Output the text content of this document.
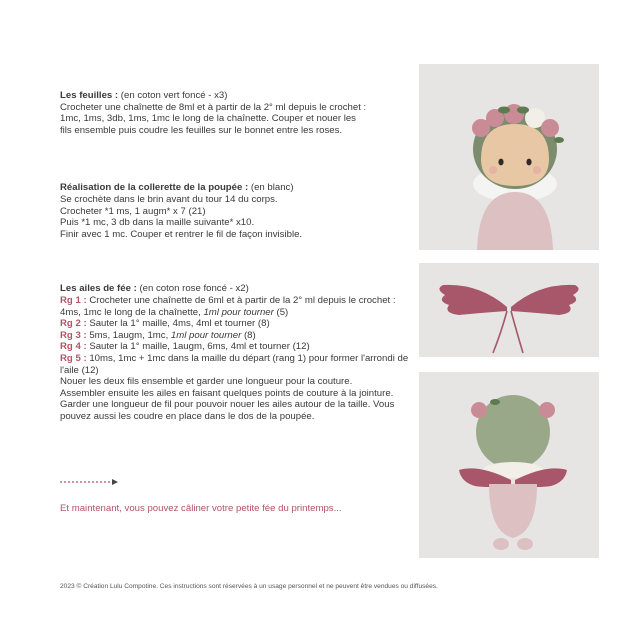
Les feuilles : (en coton vert foncé - x3)

Crocheter une chaînette de 8ml et à partir de la 2° ml depuis le crochet :

1mc, 1ms, 3db, 1ms, 1mc le long de la chaînette. Couper et nouer les

fils ensemble puis coudre les feuilles sur le bonnet entre les roses.

Réalisation de la collerette de la poupée : (en blanc)

Se crochète dans le brin avant du tour 14 du corps.

Crocheter *1 ms, 1 augm* x 7 (21)

Puis *1 mc, 3 db dans la maille suivante* x10.

Finir avec 1 mc. Couper et rentrer le fil de façon invisible.

Les ailes de fée : (en coton rose foncé - x2)

Rg 1 : Crocheter une chaînette de 6ml et à partir de la 2° ml depuis le crochet : 4ms, 1mc le long de la chaînette, 1ml pour tourner (5)

Rg 2 : Sauter la 1° maille, 4ms, 4ml et tourner (8)

Rg 3 : 5ms, 1augm, 1mc, 1ml pour tourner (8)

Rg 4 : Sauter la 1° maille, 1augm, 6ms, 4ml et tourner (12)

Rg 5 : 10ms, 1mc + 1mc dans la maille du départ (rang 1) pour former l'arrondi de l'aile (12)

Nouer les deux fils ensemble et garder une longueur pour la couture.

Assembler ensuite les ailes en faisant quelques points de couture à la jointure. Garder une longueur de fil pour pouvoir nouer les ailes autour de la taille. Vous pouvez aussi les coudre en place dans le dos de la poupée.

Et maintenant, vous pouvez câliner votre petite fée du printemps...
2023 © Création Lulu Compotine. Ces instructions sont réservées à un usage personnel et ne peuvent être vendues ou diffusées.
